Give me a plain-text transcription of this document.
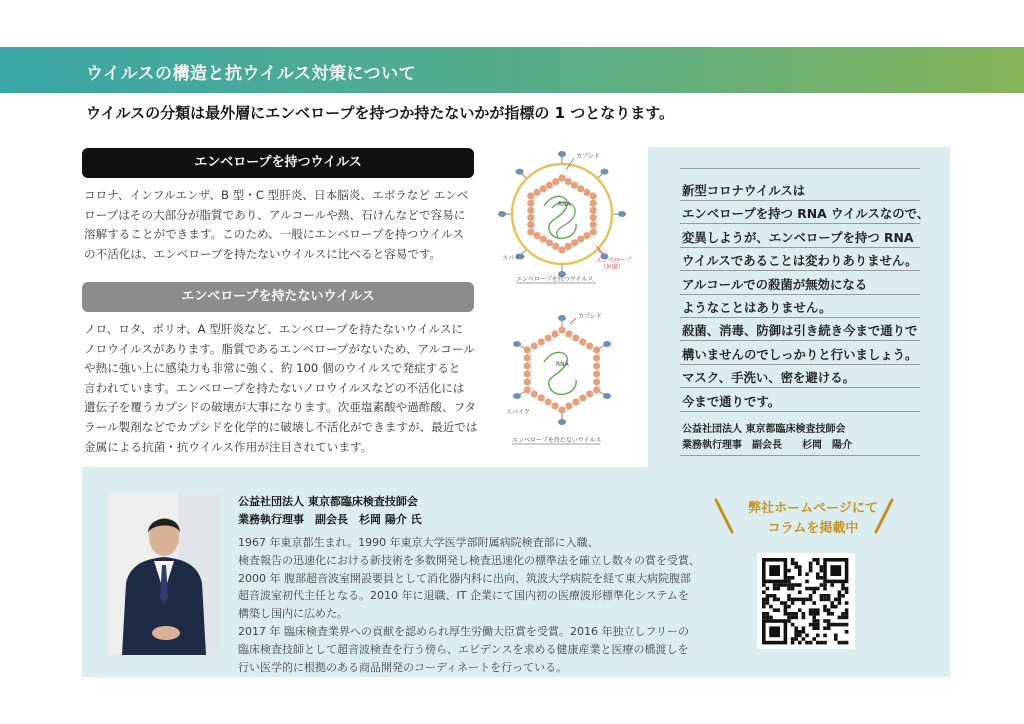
ウイルスの構造と抗ウイルス対策について
ウイルスの分類は最外層にエンベロープを持つか持たないかが指標の 1 つとなります。
エンベロープを持つウイルス
コロナ、インフルエンザ、B 型・C 型肝炎、日本脳炎、エボラなど エンベ
ロープはその大部分が脂質であり、アルコールや熱、石けんなどで容易に
溶解することができます。このため、一般にエンベロープを持つウイルス
の不活化は、エンベロープを持たないウイルスに比べると容易です。
エンベロープを持たないウイルス
ノロ、ロタ、ポリオ、A 型肝炎など、エンベロープを持たないウイルスに
ノロウイルスがあります。脂質であるエンベロープがないため、アルコール
や熱に強い上に感染力も非常に強く、約 100 個のウイルスで発症すると
言われています。エンベロープを持たないノロウイルスなどの不活化には
遺伝子を覆うカプシドの破壊が大事になります。次亜塩素酸や過酢酸、フタ
ラール製剤などでカプシドを化学的に破壊し不活化ができますが、最近では
金属による抗菌・抗ウイルス作用が注目されています。
RNA
カプシド
エンベロープ
（外膜）
スパイク
エンベロープを持つウイルス
RNA
カプシド
スパイク
エンベロープを持たないウイルス
新型コロナウイルスは
エンベロープを持つ RNA ウイルスなので、
変異しようが、エンベロープを持つ RNA
ウイルスであることは変わりありません。
アルコールでの殺菌が無効になる
ようなことはありません。
殺菌、消毒、防御は引き続き今まで通りで
構いませんのでしっかりと行いましょう。
マスク、手洗い、密を避ける。
今まで通りです。
公益社団法人 東京都臨床検査技師会
業務執行理事　副会長　　杉岡　陽介
公益社団法人 東京都臨床検査技師会
業務執行理事　副会長　杉岡 陽介 氏
1967 年東京都生まれ。1990 年東京大学医学部附属病院検査部に入職、
検査報告の迅速化における新技術を多数開発し検査迅速化の標準法を確立し数々の賞を受賞、
2000 年 腹部超音波室開設要員として消化器内科に出向、筑波大学病院を経て東大病院腹部
超音波室初代主任となる。2010 年に退職、IT 企業にて国内初の医療波形標準化システムを
構築し国内に広めた。
2017 年 臨床検査業界への貢献を認められ厚生労働大臣賞を受賞。2016 年独立しフリーの
臨床検査技師として超音波検査を行う傍ら、エビデンスを求める健康産業と医療の橋渡しを
行い医学的に根拠のある商品開発のコーディネートを行っている。
弊社ホームページにて
コラムを掲載中
